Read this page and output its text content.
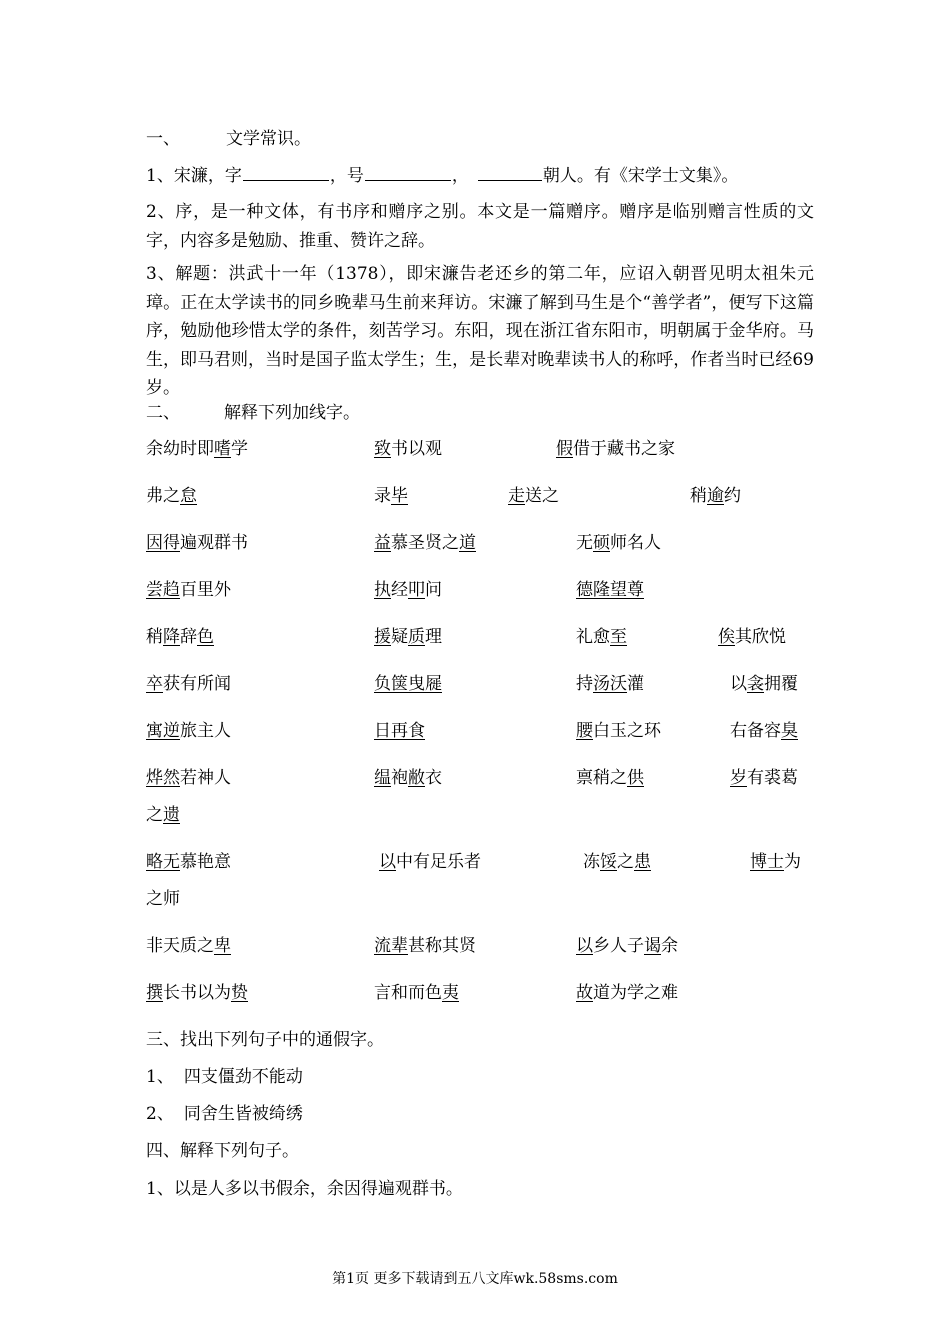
一、	文学常识。
1、宋濂，字	，号	，	朝人。有《宋学士文集》。
2、序，是一种文体，有书序和赠序之别。本文是一篇赠序。赠序是临别赠言性质的文字，内容多是勉励、推重、赞许之辞。
3、解题：洪武十一年（1378），即宋濂告老还乡的第二年，应诏入朝晋见明太祖朱元璋。正在太学读书的同乡晚辈马生前来拜访。宋濂了解到马生是个“善学者”，便写下这篇序，勉励他珍惜太学的条件，刻苦学习。东阳，现在浙江省东阳市，明朝属于金华府。马生，即马君则，当时是国子监太学生；生，是长辈对晚辈读书人的称呼，作者当时已经69岁。
二、	解释下列加线字。
余幼时即嗜学	致书以观	假借于藏书之家
弗之怠	录毕	走送之	稍逾约
因得遍观群书	益慕圣贤之道	无硕师名人
尝趋百里外	执经叩问	德隆望尊
稍降辞色	援疑质理	礼愈至	俟其欣悦
卒获有所闻	负箧曳屣	持汤沃灌	以衾拥覆
寓逆旅主人	日再食	腰白玉之环	右备容臭
烨然若神人	缊袍敝衣	禀稍之供	岁有裘葛
之遗
略无慕艳意	以中有足乐者	冻馁之患	博士为
之师
非天质之卑	流辈甚称其贤	以乡人子谒余
撰长书以为贽	言和而色夷	故道为学之难
三、找出下列句子中的通假字。
1、 四支僵劲不能动
2、 同舍生皆被绮绣
四、解释下列句子。
1、以是人多以书假余，余因得遍观群书。
第1页 更多下载请到五八文库wk.58sms.com
